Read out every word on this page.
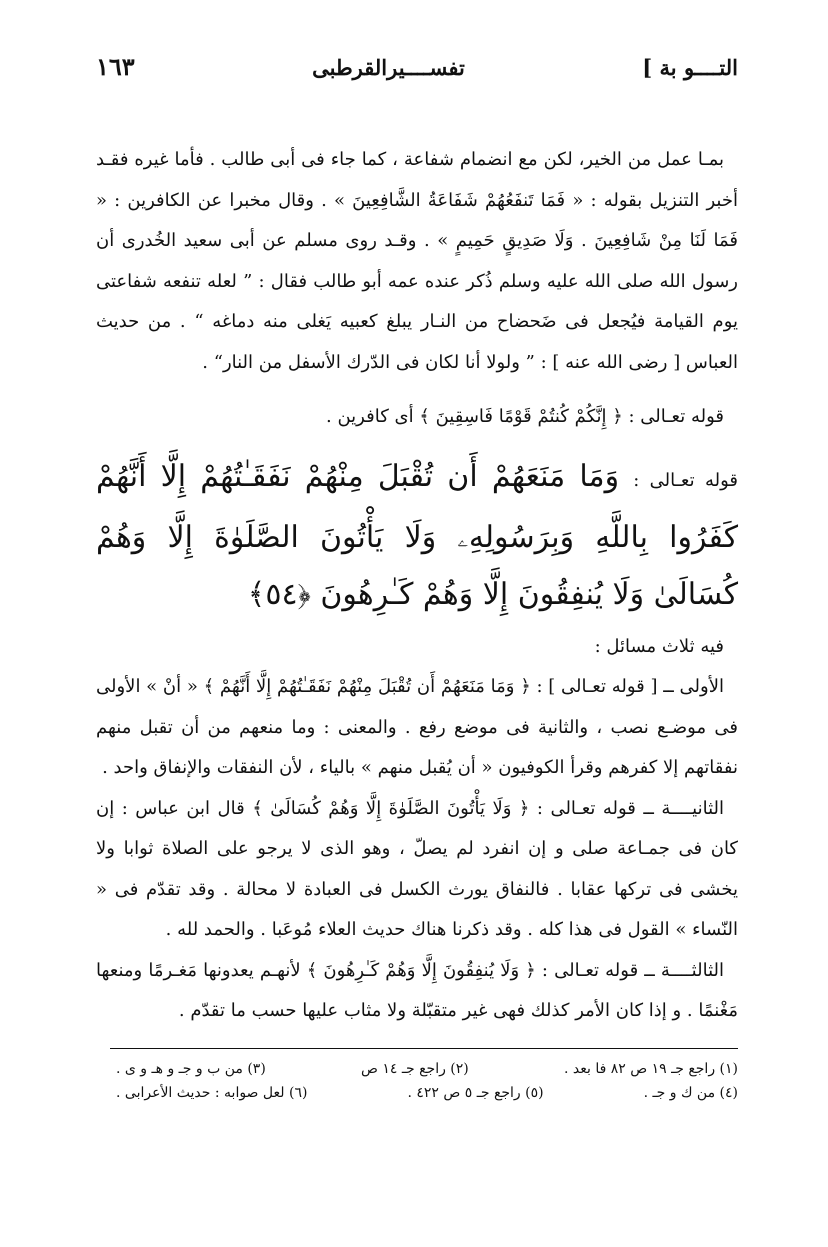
التــــو بة ]
تفســــيرالقرطبى
١٦٣

بمـا عمل من الخير، لكن مع انضمام شفاعة ، كما جاء فى أبى طالب . فأما غيره فقـد أخبر التنزيل بقوله : « فَمَا تَنفَعُهُمْ شَفَاعَةُ الشَّافِعِينَ » . وقال مخبرا عن الكافرين : « فَمَا لَنَا مِنْ شَافِعِينَ . وَلَا صَدِيقٍ حَمِيمٍ » . وقـد روى مسلم عن أبى سعيد الخُدرى أن رسول الله صلى الله عليه وسلم ذُكر عنده عمه أبو طالب فقال : ” لعله تنفعه شفاعتى يوم القيامة فيُجعل فى ضَحضاح من النـار يبلغ كعبيه يَغلى منه دماغه “ . من حديث العباس [ رضى الله عنه ] : ” ولولا أنا لكان فى الدّرك الأسفل من النار“ .

قوله تعـالى : ﴿ إِنَّكُمْ كُنتُمْ قَوْمًا فَاسِقِينَ ﴾ أى كافرين .

قوله تعـالى : وَمَا مَنَعَهُمْ أَن تُقْبَلَ مِنْهُمْ نَفَقَـٰتُهُمْ إِلَّا أَنَّهُمْ كَفَرُوا بِاللَّهِ وَبِرَسُولِهِۦ وَلَا يَأْتُونَ الصَّلَوٰةَ إِلَّا وَهُمْ كُسَالَىٰ وَلَا يُنفِقُونَ إِلَّا وَهُمْ كَـٰرِهُونَ ﴿٥٤﴾

فيه ثلاث مسائل :

الأولى ــ [ قوله تعـالى ] : ﴿ وَمَا مَنَعَهُمْ أَن تُقْبَلَ مِنْهُمْ نَفَقَـٰتُهُمْ إِلَّا أَنَّهُمْ ﴾ « أنْ » الأولى فى موضـع نصب ، والثانية فى موضع رفع . والمعنى : وما منعهم من أن تقبل منهم نفقاتهم إلا كفرهم وقرأ الكوفيون « أن يُقبل منهم » بالياء ، لأن النفقات والإنفاق واحد .

الثانيــــة ــ قوله تعـالى : ﴿ وَلَا يَأْتُونَ الصَّلَوٰةَ إِلَّا وَهُمْ كُسَالَىٰ ﴾ قال ابن عباس : إن كان فى جمـاعة صلى و إن انفرد لم يصلّ ، وهو الذى لا يرجو على الصلاة ثوابا ولا يخشى فى تركها عقابا . فالنفاق يورث الكسل فى العبادة لا محالة . وقد تقدّم فى « النّساء » القول فى هذا كله . وقد ذكرنا هناك حديث العلاء مُوعَبا . والحمد لله .

الثالثــــة ــ قوله تعـالى : ﴿ وَلَا يُنفِقُونَ إِلَّا وَهُمْ كَـٰرِهُونَ ﴾ لأنهـم يعدونها مَغـرمًا ومنعها مَغْنمًا . و إذا كان الأمر كذلك فهى غير متقبّلة ولا مثاب عليها حسب ما تقدّم .

(١) راجع جـ ١٩ ص ٨٢ فا بعد .
(٢) راجع جـ ١٤ ص
(٣) من ب و جـ و هـ و ى .
(٤) من ك و جـ .
(٥) راجع جـ ٥ ص ٤٢٢ .
(٦) لعل صوابه : حديث الأعرابى .
